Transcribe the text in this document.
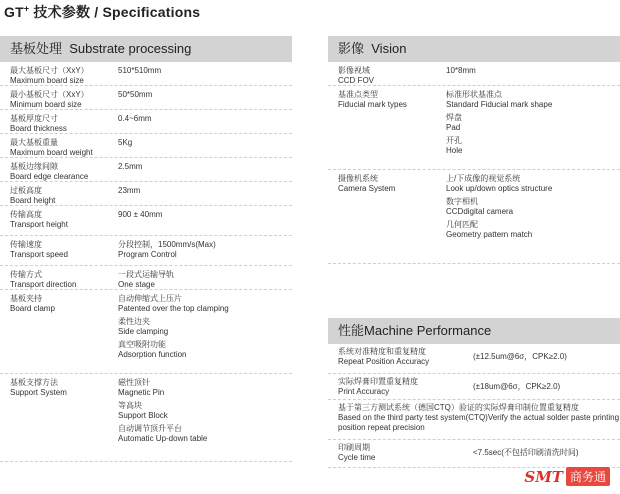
GT+ 技术参数 / Specifications
基板处理 Substrate processing
最大基板尺寸（XxY）
Maximum board size
510*510mm
最小基板尺寸（XxY）
Minimum board size
50*50mm
基板厚度尺寸
Board thickness
0.4~6mm
最大基板重量
Maximum board weight
5Kg
基板边缘间隙
Board edge clearance
2.5mm
过板高度
Board height
23mm
传输高度
Transport height
900 ± 40mm
传输速度
Transport speed
分段控制，1500mm/s(Max)
Program Control
传输方式
Transport direction
一段式运输导轨
One stage
基板夹持
Board clamp
自动伸缩式上压片
Patented over the top clamping
柔性边夹
Side clamping
真空吸附功能
Adsorption function
基板支撑方法
Support System
磁性顶针
Magnetic Pin
等高块
Support Block
自动调节顶升平台
Automatic Up-down table
影像 Vision
影像视域
CCD FOV
10*8mm
基准点类型
Fiducial mark types
标准形状基准点
Standard Fiducial mark shape
焊盘
Pad
开孔
Hole
摄像机系统
Camera System
上/下成像的视觉系统
Look up/down optics structure
数字相机
CCDdigital camera
几何匹配
Geometry pattern match
性能Machine Performance
系统对准精度和重复精度
Repeat Position Accuracy
(±12.5um@6σ，CPK≥2.0)
实际焊膏印置重复精度
Print Accuracy
(±18um@6σ，CPK≥2.0)
基于第三方测试系统（德国CTQ）验证的实际焊膏印制位置重复精度
Based on the third party test system(CTQ)Verify the actual solder paste printing position repeat precision
印刷周期
Cycle time
<7.5sec(不包括印刷清洗时间)
SMT 商务通
